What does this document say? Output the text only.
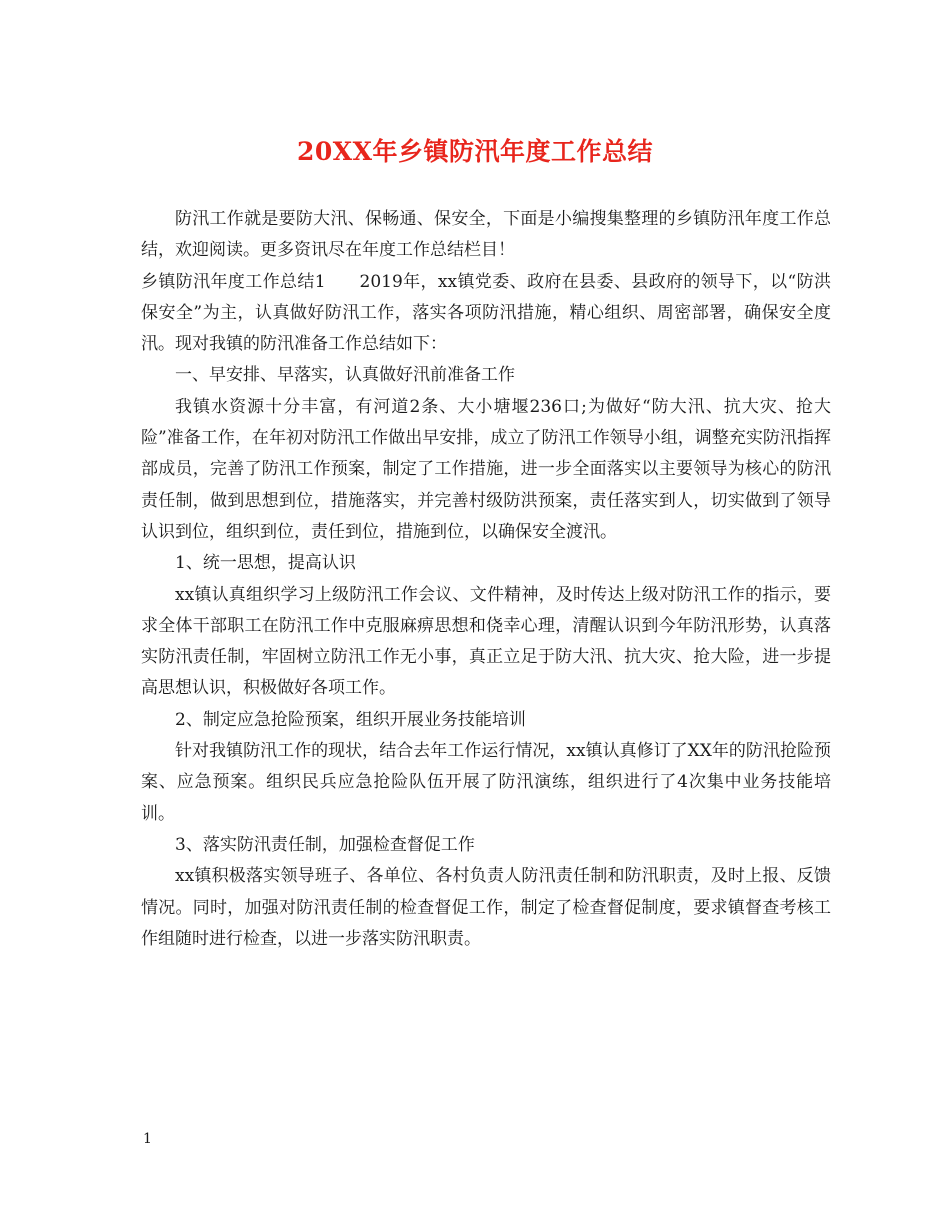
20XX年乡镇防汛年度工作总结

防汛工作就是要防大汛、保畅通、保安全，下面是小编搜集整理的乡镇防汛年度工作总结，欢迎阅读。更多资讯尽在年度工作总结栏目！

乡镇防汛年度工作总结1 2019年，xx镇党委、政府在县委、县政府的领导下，以“防洪保安全”为主，认真做好防汛工作，落实各项防汛措施，精心组织、周密部署，确保安全度汛。现对我镇的防汛准备工作总结如下：

一、早安排、早落实，认真做好汛前准备工作

我镇水资源十分丰富，有河道2条、大小塘堰236口;为做好“防大汛、抗大灾、抢大险”准备工作，在年初对防汛工作做出早安排，成立了防汛工作领导小组，调整充实防汛指挥部成员，完善了防汛工作预案，制定了工作措施，进一步全面落实以主要领导为核心的防汛责任制，做到思想到位，措施落实，并完善村级防洪预案，责任落实到人，切实做到了领导认识到位，组织到位，责任到位，措施到位，以确保安全渡汛。

1、统一思想，提高认识

xx镇认真组织学习上级防汛工作会议、文件精神，及时传达上级对防汛工作的指示，要求全体干部职工在防汛工作中克服麻痹思想和侥幸心理，清醒认识到今年防汛形势，认真落实防汛责任制，牢固树立防汛工作无小事，真正立足于防大汛、抗大灾、抢大险，进一步提高思想认识，积极做好各项工作。

2、制定应急抢险预案，组织开展业务技能培训

针对我镇防汛工作的现状，结合去年工作运行情况，xx镇认真修订了XX年的防汛抢险预案、应急预案。组织民兵应急抢险队伍开展了防汛演练，组织进行了4次集中业务技能培训。

3、落实防汛责任制，加强检查督促工作

xx镇积极落实领导班子、各单位、各村负责人防汛责任制和防汛职责，及时上报、反馈情况。同时，加强对防汛责任制的检查督促工作，制定了检查督促制度，要求镇督查考核工作组随时进行检查，以进一步落实防汛职责。

1
